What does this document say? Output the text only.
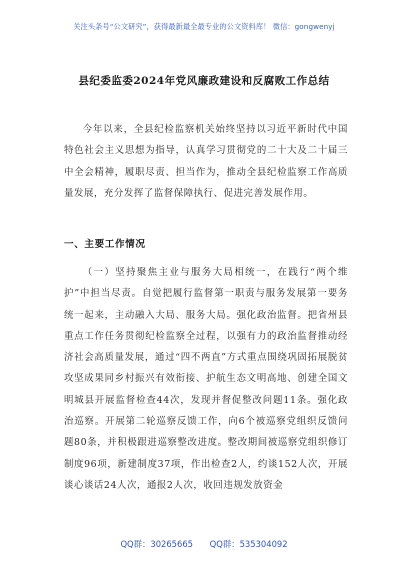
关注头条号“公文研究”，获得最新最全最专业的公文资料库！ 微信：gongwenyj
县纪委监委2024年党风廉政建设和反腐败工作总结
今年以来，全县纪检监察机关始终坚持以习近平新时代中国特色社会主义思想为指导，认真学习贯彻党的二十大及二十届三中全会精神，履职尽责、担当作为，推动全县纪检监察工作高质量发展，充分发挥了监督保障执行、促进完善发展作用。
一、主要工作情况
（一）坚持聚焦主业与服务大局相统一，在践行“两个维护”中担当尽责。自觉把履行监督第一职责与服务发展第一要务统一起来，主动融入大局、服务大局。强化政治监督。把省州县重点工作任务贯彻纪检监察全过程，以强有力的政治监督推动经济社会高质量发展，通过“四不两直”方式重点围绕巩固拓展脱贫攻坚成果同乡村振兴有效衔接、护航生态文明高地、创建全国文明城县开展监督检查44次，发现并督促整改问题11条。强化政治巡察。开展第二轮巡察反馈工作，向6个被巡察党组织反馈问题80条，并积极跟进巡察整改进度。整改期间被巡察党组织修订制度96项，新建制度37项，作出检查2人，约谈152人次，开展谈心谈话24人次，通报2人次，收回违规发放资金
QQ群：30265665 QQ群：535304092
